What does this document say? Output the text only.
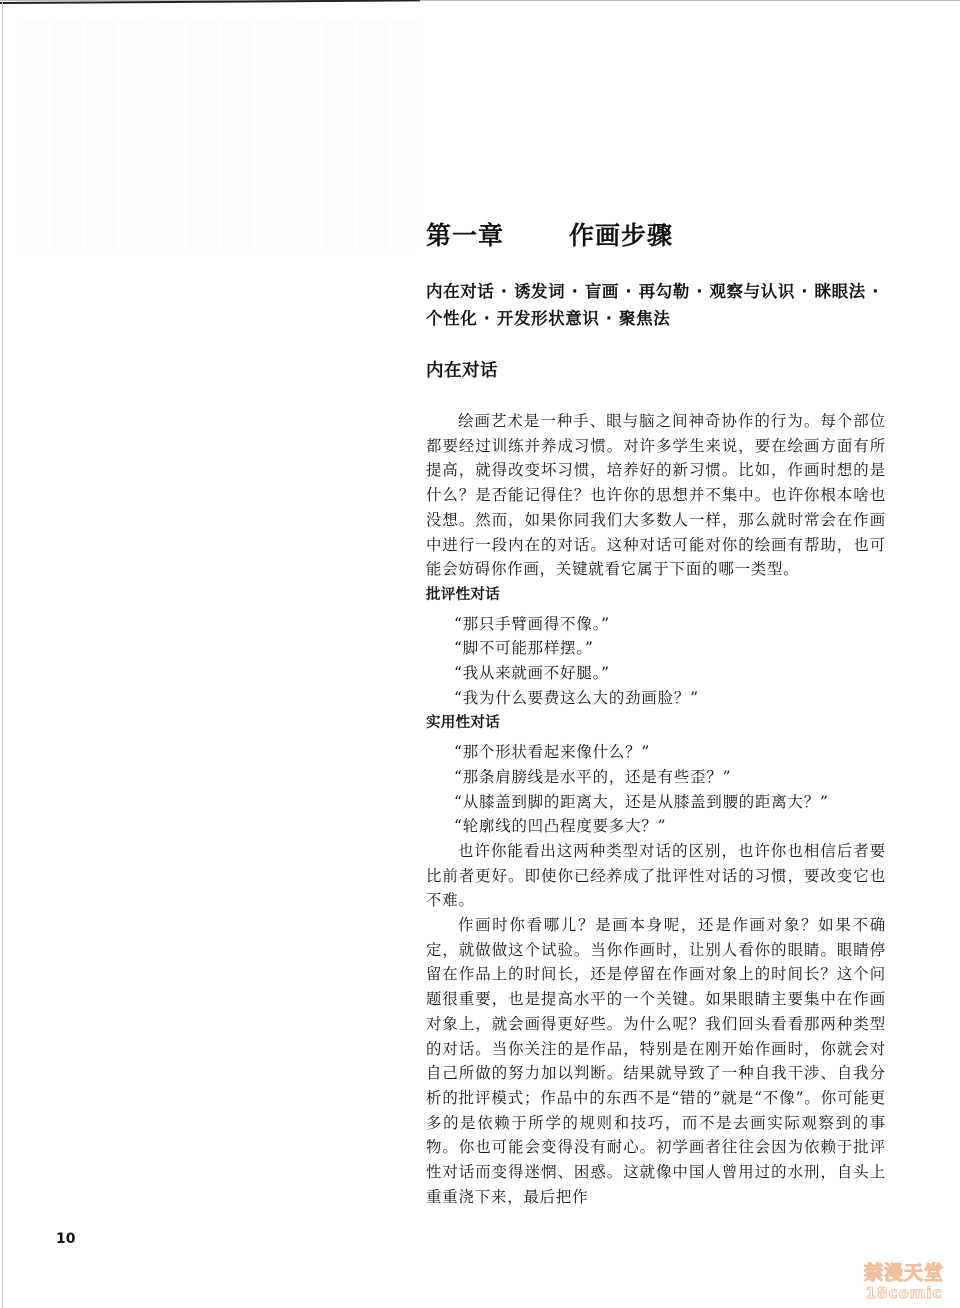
第一章	作画步骤
内在对话 · 诱发词 · 盲画 · 再勾勒 · 观察与认识 · 眯眼法 · 个性化 · 开发形状意识 · 聚焦法
内在对话

绘画艺术是一种手、眼与脑之间神奇协作的行为。每个部位都要经过训练并养成习惯。对许多学生来说，要在绘画方面有所提高，就得改变坏习惯，培养好的新习惯。比如，作画时想的是什么？是否能记得住？也许你的思想并不集中。也许你根本啥也没想。然而，如果你同我们大多数人一样，那么就时常会在作画中进行一段内在的对话。这种对话可能对你的绘画有帮助，也可能会妨碍你作画，关键就看它属于下面的哪一类型。

批评性对话

“那只手臂画得不像。”

“脚不可能那样摆。”

“我从来就画不好腿。”

“我为什么要费这么大的劲画脸？”

实用性对话

“那个形状看起来像什么？”

“那条肩膀线是水平的，还是有些歪？”

“从膝盖到脚的距离大，还是从膝盖到腰的距离大？”

“轮廓线的凹凸程度要多大？”

也许你能看出这两种类型对话的区别，也许你也相信后者要比前者更好。即使你已经养成了批评性对话的习惯，要改变它也不难。

作画时你看哪儿？是画本身呢，还是作画对象？如果不确定，就做做这个试验。当你作画时，让别人看你的眼睛。眼睛停留在作品上的时间长，还是停留在作画对象上的时间长？这个问题很重要，也是提高水平的一个关键。如果眼睛主要集中在作画对象上，就会画得更好些。为什么呢？我们回头看看那两种类型的对话。当你关注的是作品，特别是在刚开始作画时，你就会对自己所做的努力加以判断。结果就导致了一种自我干涉、自我分析的批评模式；作品中的东西不是“错的”就是“不像”。你可能更多的是依赖于所学的规则和技巧，而不是去画实际观察到的事物。你也可能会变得没有耐心。初学画者往往会因为依赖于批评性对话而变得迷惘、困惑。这就像中国人曾用过的水刑，自头上重重浇下来，最后把作

10
禁漫天堂
18comic
